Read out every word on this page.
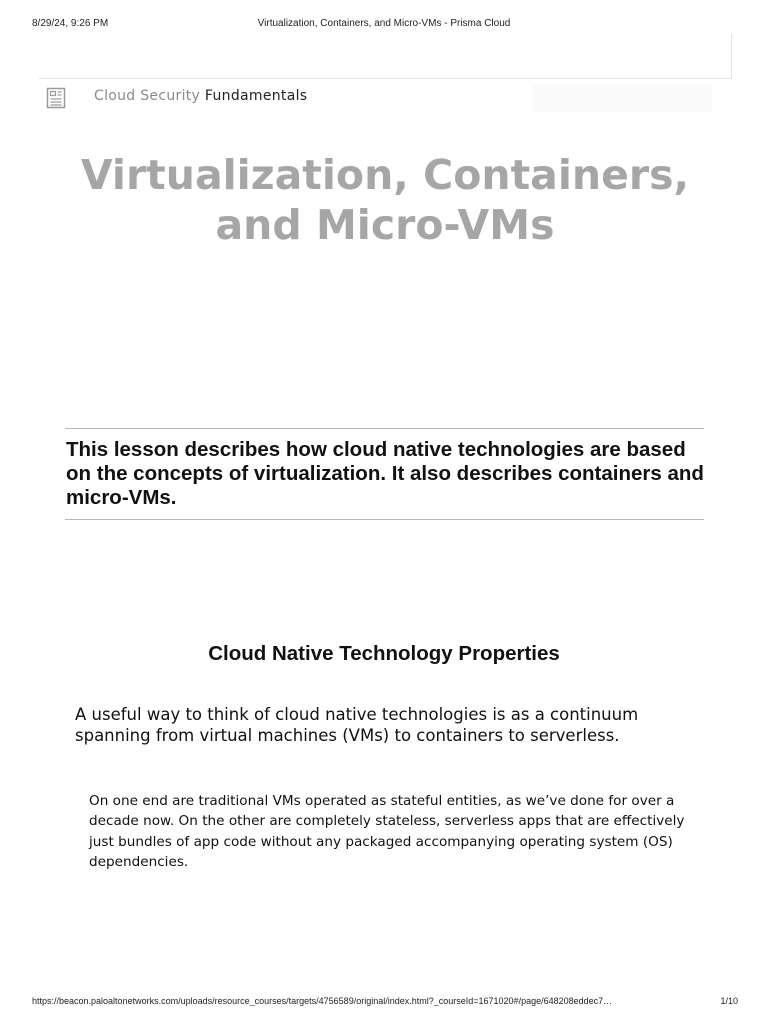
8/29/24, 9:26 PM	Virtualization, Containers, and Micro-VMs - Prisma Cloud
Cloud Security Fundamentals
Virtualization, Containers,
and Micro-VMs
This lesson describes how cloud native technologies are based on the concepts of virtualization. It also describes containers and micro-VMs.
Cloud Native Technology Properties
A useful way to think of cloud native technologies is as a continuum spanning from virtual machines (VMs) to containers to serverless.
On one end are traditional VMs operated as stateful entities, as we’ve done for over a decade now. On the other are completely stateless, serverless apps that are effectively just bundles of app code without any packaged accompanying operating system (OS) dependencies.
https://beacon.paloaltonetworks.com/uploads/resource_courses/targets/4756589/original/index.html?_courseId=1671020#/page/648208eddec7…	1/10
